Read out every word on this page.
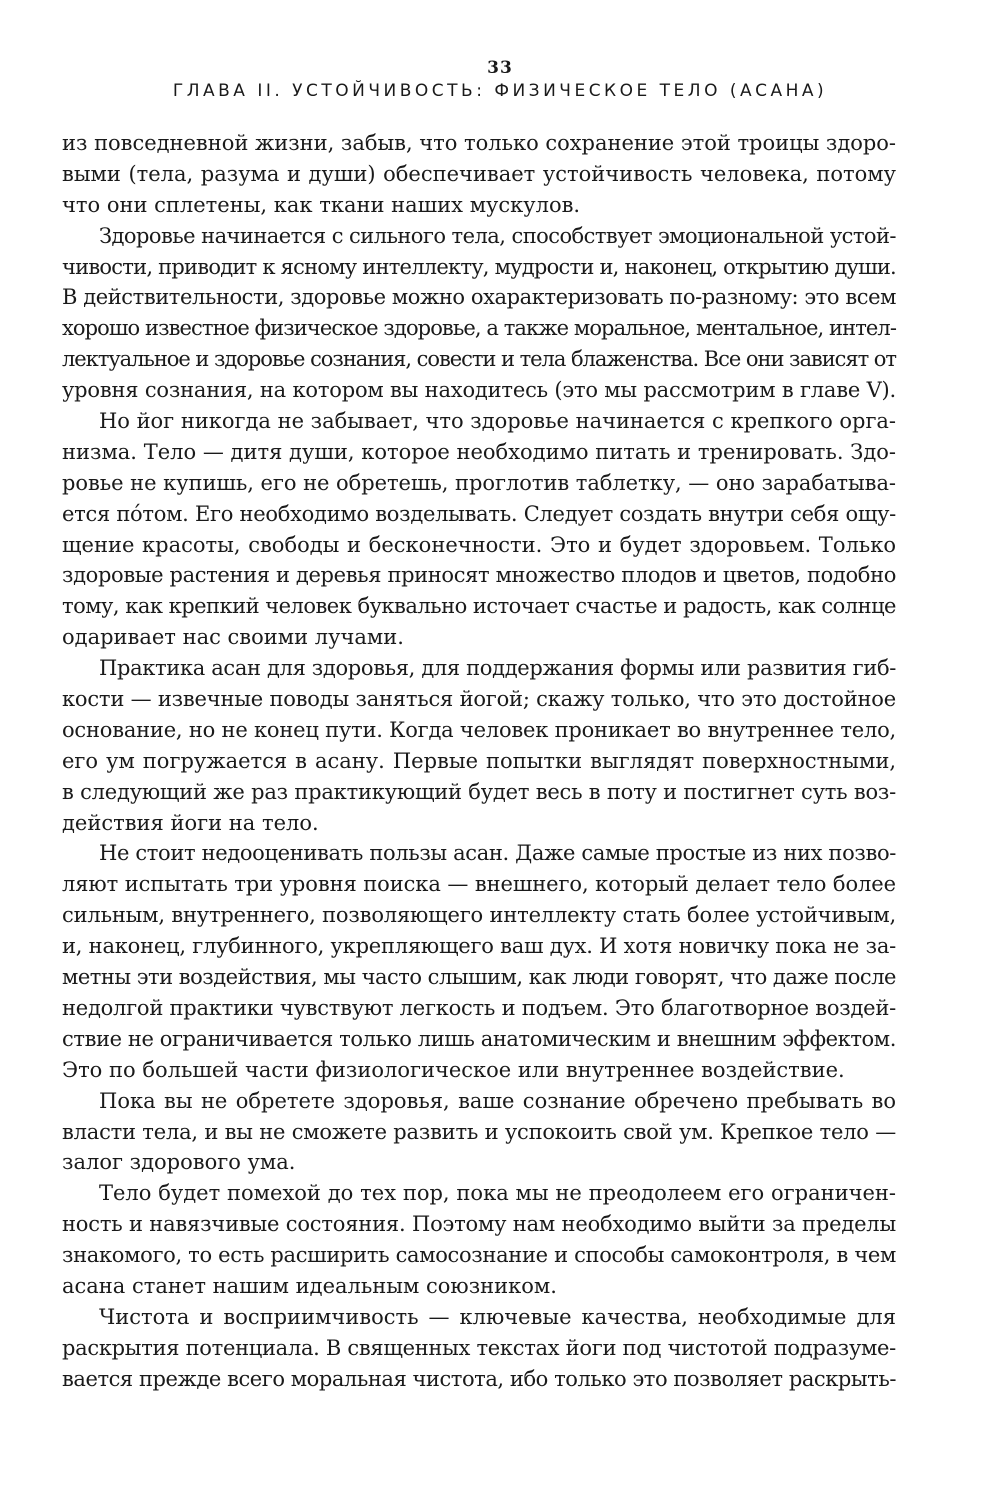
33
ГЛАВА II. УСТОЙЧИВОСТЬ: ФИЗИЧЕСКОЕ ТЕЛО (АСАНА)
из повседневной жизни, забыв, что только сохранение этой троицы здоро-
выми (тела, разума и души) обеспечивает устойчивость человека, потому
что они сплетены, как ткани наших мускулов.
Здоровье начинается с сильного тела, способствует эмоциональной устой-
чивости, приводит к ясному интеллекту, мудрости и, наконец, открытию души.
В действительности, здоровье можно охарактеризовать по-разному: это всем
хорошо известное физическое здоровье, а также моральное, ментальное, интел-
лектуальное и здоровье сознания, совести и тела блаженства. Все они зависят от
уровня сознания, на котором вы находитесь (это мы рассмотрим в главе V).
Но йог никогда не забывает, что здоровье начинается с крепкого орга-
низма. Тело — дитя души, которое необходимо питать и тренировать. Здо-
ровье не купишь, его не обретешь, проглотив таблетку, — оно зарабатыва-
ется пóтом. Его необходимо возделывать. Следует создать внутри себя ощу-
щение красоты, свободы и бесконечности. Это и будет здоровьем. Только
здоровые растения и деревья приносят множество плодов и цветов, подобно
тому, как крепкий человек буквально источает счастье и радость, как солнце
одаривает нас своими лучами.
Практика асан для здоровья, для поддержания формы или развития гиб-
кости — извечные поводы заняться йогой; скажу только, что это достойное
основание, но не конец пути. Когда человек проникает во внутреннее тело,
его ум погружается в асану. Первые попытки выглядят поверхностными,
в следующий же раз практикующий будет весь в поту и постигнет суть воз-
действия йоги на тело.
Не стоит недооценивать пользы асан. Даже самые простые из них позво-
ляют испытать три уровня поиска — внешнего, который делает тело более
сильным, внутреннего, позволяющего интеллекту стать более устойчивым,
и, наконец, глубинного, укрепляющего ваш дух. И хотя новичку пока не за-
метны эти воздействия, мы часто слышим, как люди говорят, что даже после
недолгой практики чувствуют легкость и подъем. Это благотворное воздей-
ствие не ограничивается только лишь анатомическим и внешним эффектом.
Это по большей части физиологическое или внутреннее воздействие.
Пока вы не обретете здоровья, ваше сознание обречено пребывать во
власти тела, и вы не сможете развить и успокоить свой ум. Крепкое тело —
залог здорового ума.
Тело будет помехой до тех пор, пока мы не преодолеем его ограничен-
ность и навязчивые состояния. Поэтому нам необходимо выйти за пределы
знакомого, то есть расширить самосознание и способы самоконтроля, в чем
асана станет нашим идеальным союзником.
Чистота и восприимчивость — ключевые качества, необходимые для
раскрытия потенциала. В священных текстах йоги под чистотой подразуме-
вается прежде всего моральная чистота, ибо только это позволяет раскрыть-
